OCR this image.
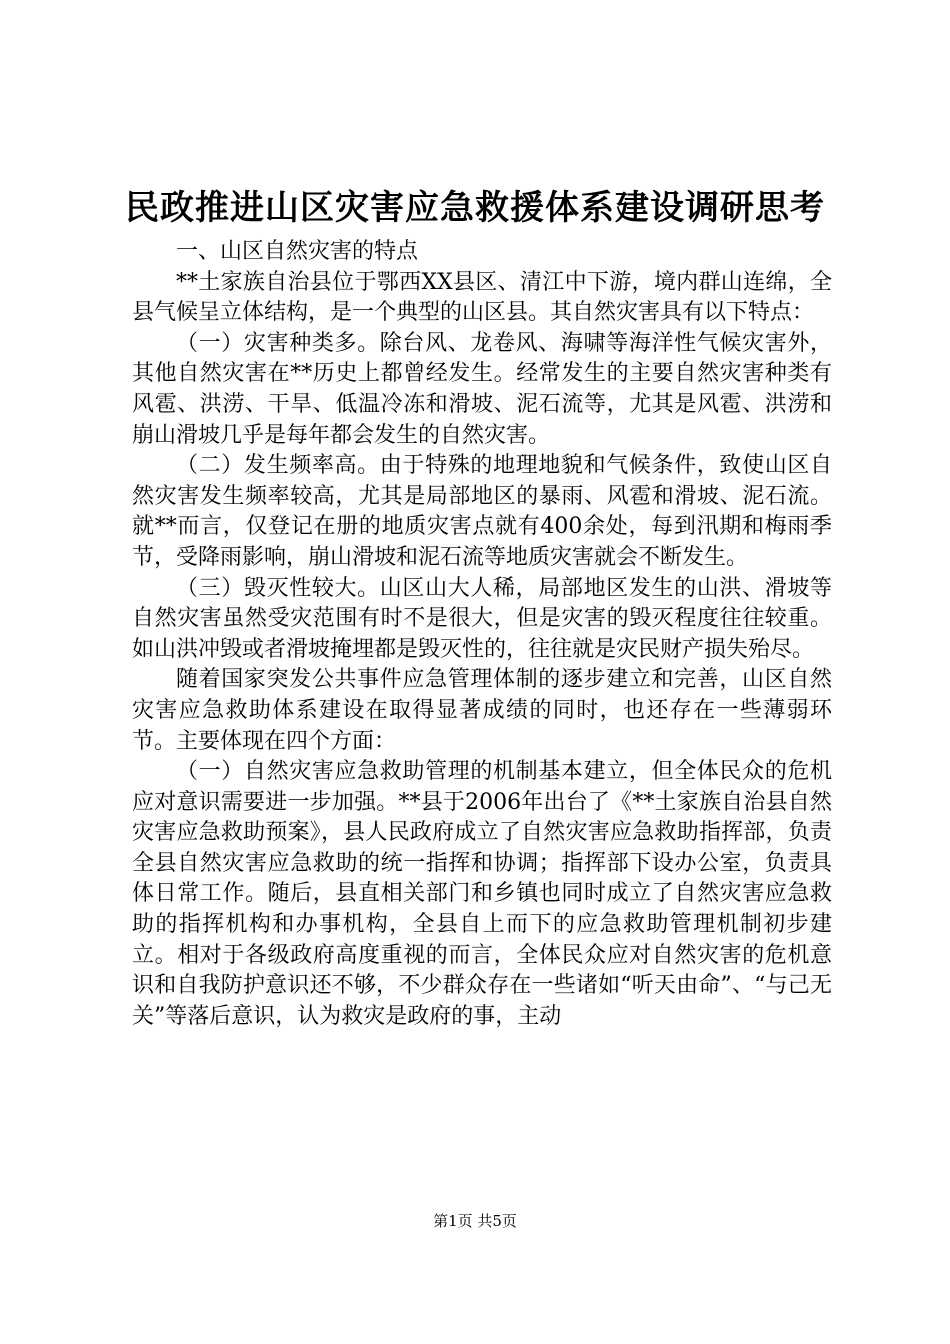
民政推进山区灾害应急救援体系建设调研思考

一、山区自然灾害的特点

**土家族自治县位于鄂西XX县区、清江中下游，境内群山连绵，全县气候呈立体结构，是一个典型的山区县。其自然灾害具有以下特点：

（一）灾害种类多。除台风、龙卷风、海啸等海洋性气候灾害外，其他自然灾害在**历史上都曾经发生。经常发生的主要自然灾害种类有风雹、洪涝、干旱、低温冷冻和滑坡、泥石流等，尤其是风雹、洪涝和崩山滑坡几乎是每年都会发生的自然灾害。

（二）发生频率高。由于特殊的地理地貌和气候条件，致使山区自然灾害发生频率较高，尤其是局部地区的暴雨、风雹和滑坡、泥石流。就**而言，仅登记在册的地质灾害点就有400余处，每到汛期和梅雨季节，受降雨影响，崩山滑坡和泥石流等地质灾害就会不断发生。

（三）毁灭性较大。山区山大人稀，局部地区发生的山洪、滑坡等自然灾害虽然受灾范围有时不是很大，但是灾害的毁灭程度往往较重。如山洪冲毁或者滑坡掩埋都是毁灭性的，往往就是灾民财产损失殆尽。

随着国家突发公共事件应急管理体制的逐步建立和完善，山区自然灾害应急救助体系建设在取得显著成绩的同时，也还存在一些薄弱环节。主要体现在四个方面：

（一）自然灾害应急救助管理的机制基本建立，但全体民众的危机应对意识需要进一步加强。**县于2006年出台了《**土家族自治县自然灾害应急救助预案》，县人民政府成立了自然灾害应急救助指挥部，负责全县自然灾害应急救助的统一指挥和协调；指挥部下设办公室，负责具体日常工作。随后，县直相关部门和乡镇也同时成立了自然灾害应急救助的指挥机构和办事机构，全县自上而下的应急救助管理机制初步建立。相对于各级政府高度重视的而言，全体民众应对自然灾害的危机意识和自我防护意识还不够，不少群众存在一些诸如“听天由命”、“与己无关”等落后意识，认为救灾是政府的事，主动

第1页 共5页
